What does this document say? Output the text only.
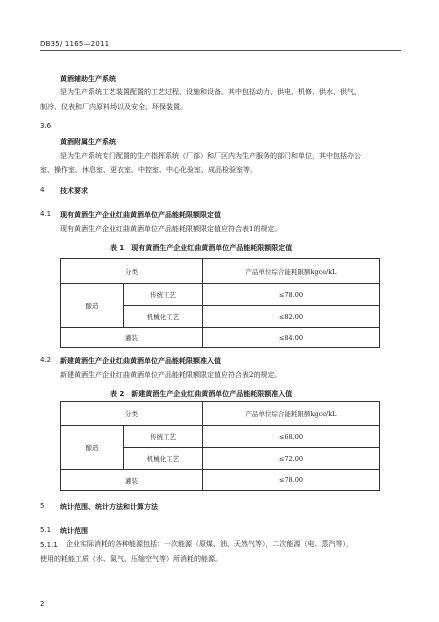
DB35/ 1165—2011
黄酒辅助生产系统
是为生产系统工艺装置配置的工艺过程、设施和设备。其中包括动力、供电、机修、供水、供气、
制冷、仪表和厂内原料场以及安全、环保装置。
3.6
黄酒附属生产系统
是为生产系统专门配置的生产指挥系统（厂部）和厂区内为生产服务的部门和单位，其中包括办公
室、操作室、休息室、更衣室、中控室、中心化验室、成品检验室等。
4 技术要求
4.1 现有黄酒生产企业红曲黄酒单位产品能耗限额限定值
现有黄酒生产企业红曲黄酒单位产品能耗限额限定值应符合表1的规定。
表 1　现有黄酒生产企业红曲黄酒单位产品能耗限额限定值
分类		产品单位综合能耗限额kgce/kL
酿造	传统工艺	≤78.00
	机械化工艺	≤82.00
灌装		≤84.00
4.2 新建黄酒生产企业红曲黄酒单位产品能耗限额准入值
新建黄酒生产企业红曲黄酒单位产品能耗限额限定值应符合表2的规定。
表 2　新建黄酒生产企业红曲黄酒单位产品能耗限额准入值
分类		产品单位综合能耗限额kgce/kL
酿造	传统工艺	≤68.00
	机械化工艺	≤72.00
灌装		≤78.00
5 统计范围、统计方法和计算方法
5.1 统计范围
5.1.1 企业实际消耗的各种能源包括：一次能源（原煤、油、天然气等），二次能源（电、蒸汽等），
使用的耗能工质（水、氮气、压缩空气等）所消耗的能源。
2
